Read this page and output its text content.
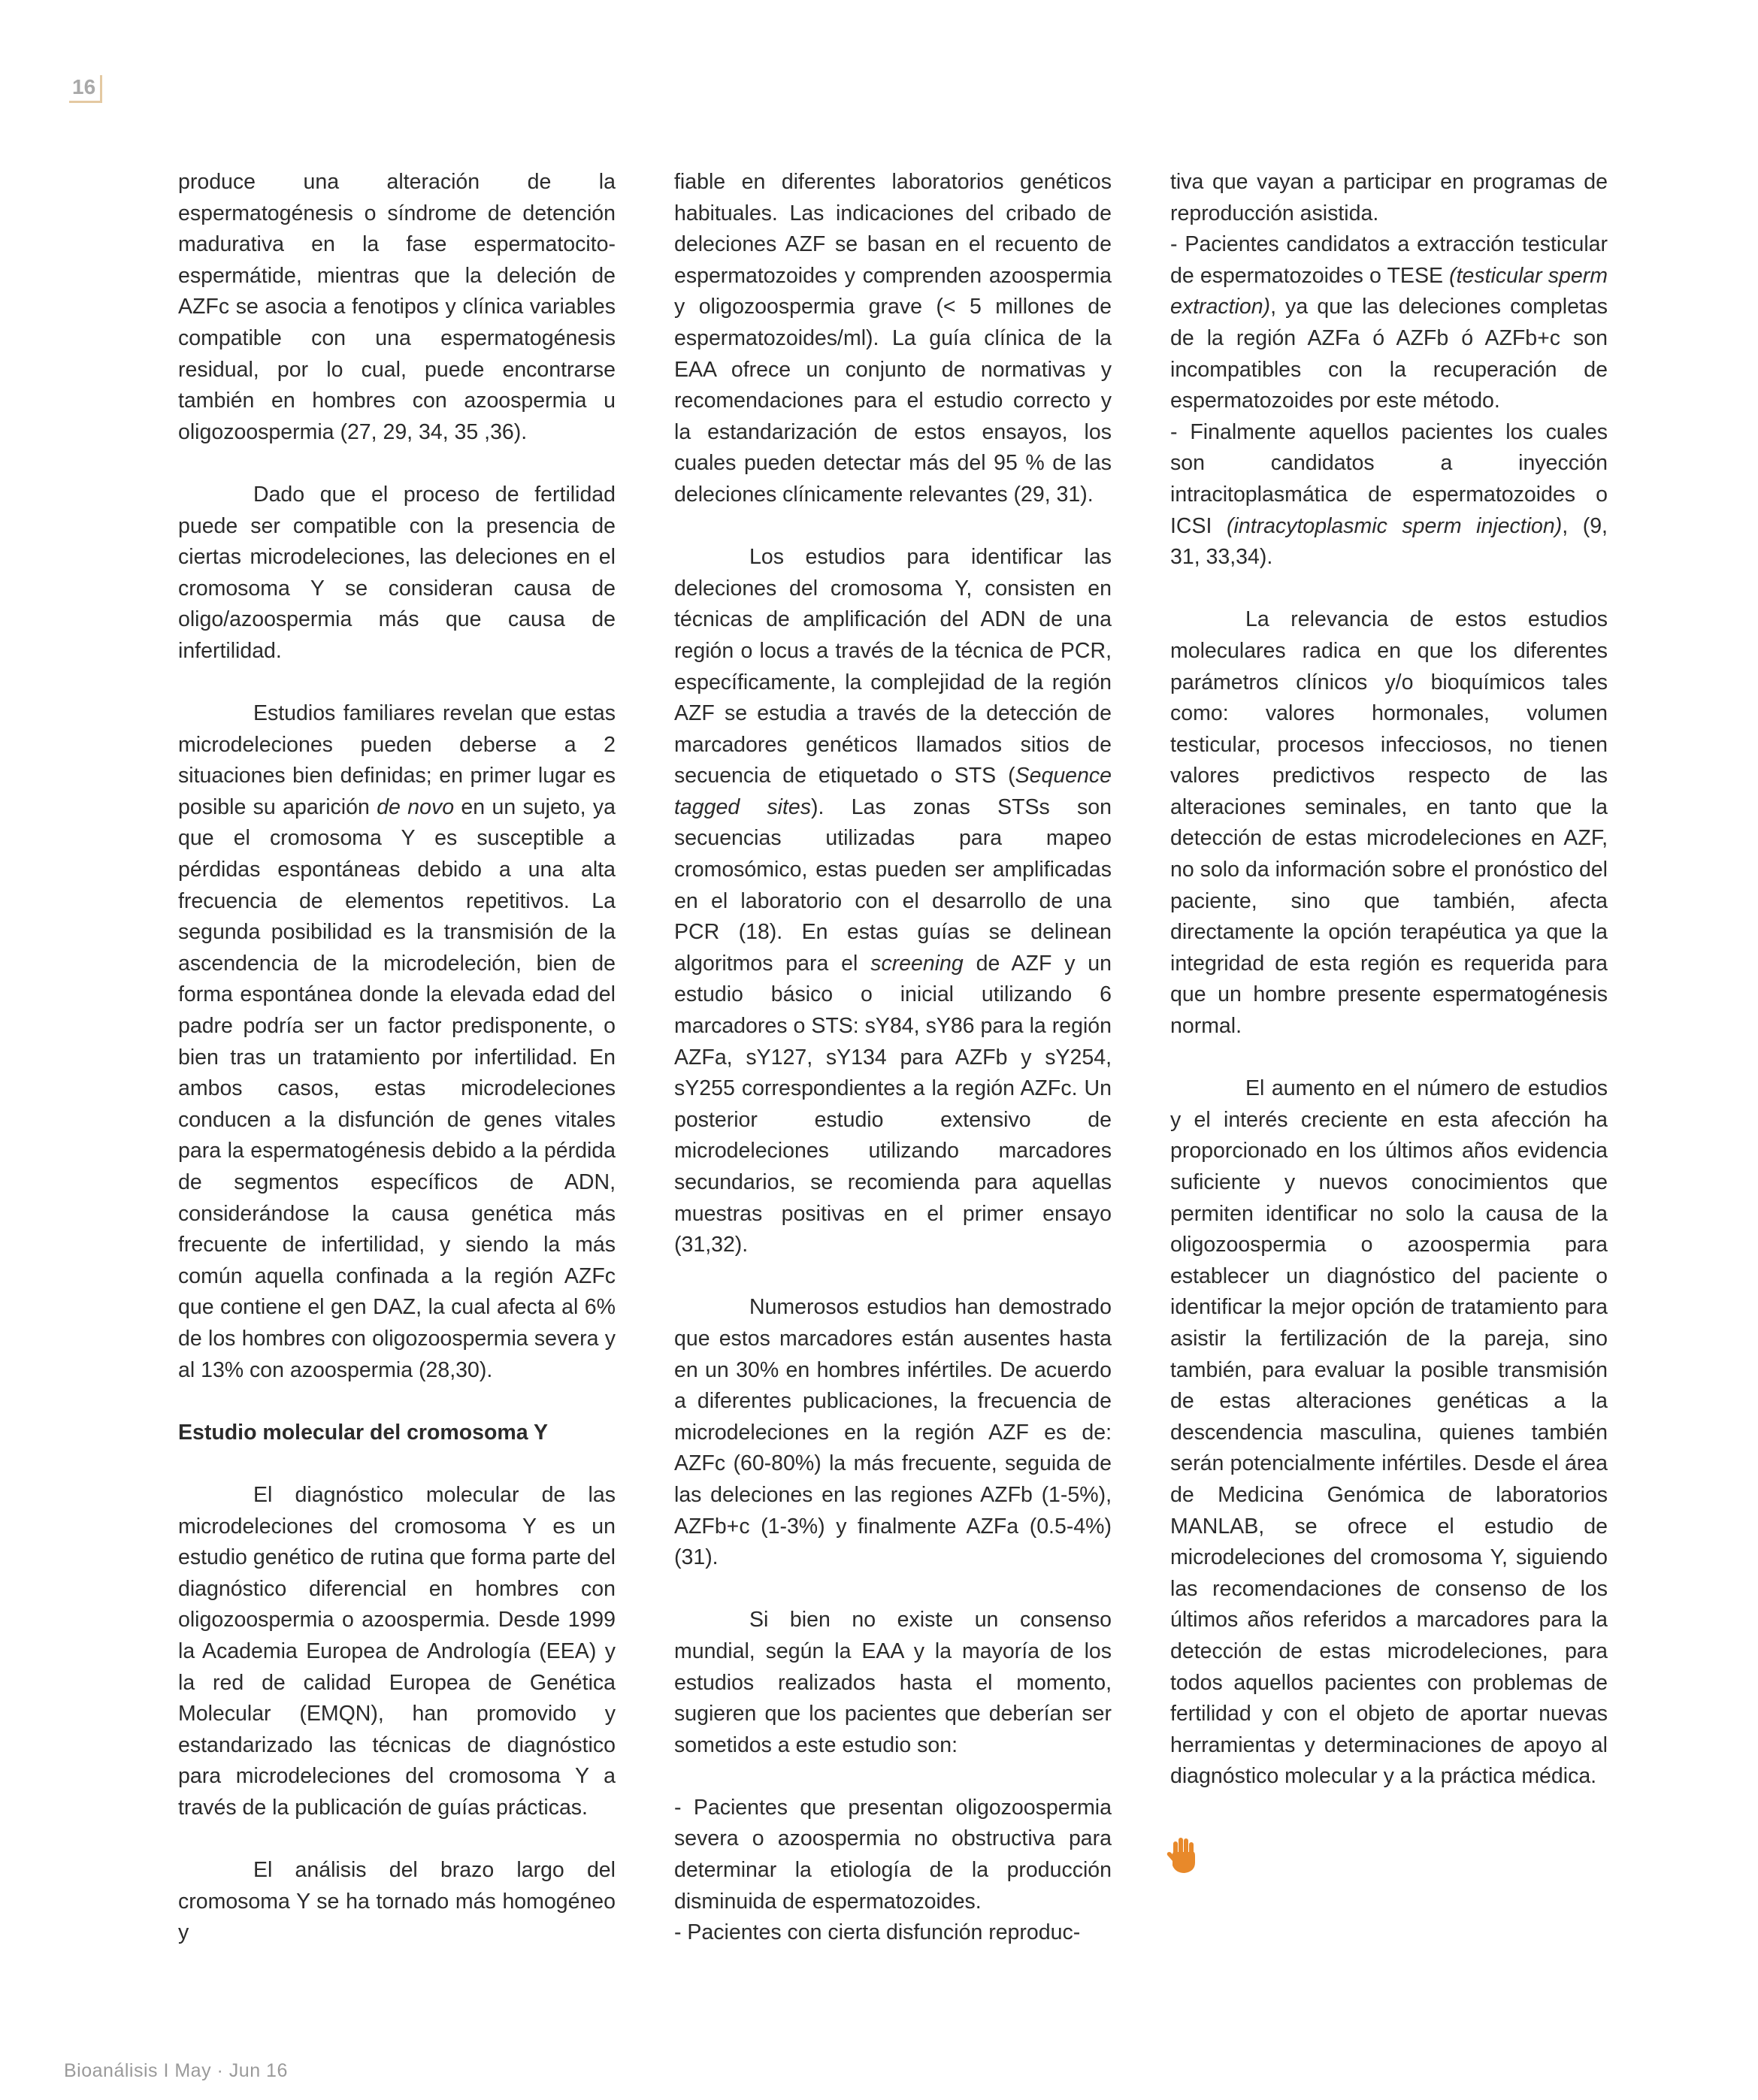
16

produce una alteración de la espermatogénesis o síndrome de detención madurativa en la fase espermatocito-espermátide, mientras que la deleción de AZFc se asocia a fenotipos y clínica variables compatible con una espermatogénesis residual, por lo cual, puede encontrarse también en hombres con azoospermia u oligozoospermia (27, 29, 34, 35 ,36).

Dado que el proceso de fertilidad puede ser compatible con la presencia de ciertas microdeleciones, las deleciones en el cromosoma Y se consideran causa de oligo/azoospermia más que causa de infertilidad.

Estudios familiares revelan que estas microdeleciones pueden deberse a 2 situaciones bien definidas; en primer lugar es posible su aparición de novo en un sujeto, ya que el cromosoma Y es susceptible a pérdidas espontáneas debido a una alta frecuencia de elementos repetitivos. La segunda posibilidad es la transmisión de la ascendencia de la microdeleción, bien de forma espontánea donde la elevada edad del padre podría ser un factor predisponente, o bien tras un tratamiento por infertilidad. En ambos casos, estas microdeleciones conducen a la disfunción de genes vitales para la espermatogénesis debido a la pérdida de segmentos específicos de ADN, considerándose la causa genética más frecuente de infertilidad, y siendo la más común aquella confinada a la región AZFc que contiene el gen DAZ, la cual afecta al 6% de los hombres con oligozoospermia severa y al 13% con azoospermia (28,30).

Estudio molecular del cromosoma Y

El diagnóstico molecular de las microdeleciones del cromosoma Y es un estudio genético de rutina que forma parte del diagnóstico diferencial en hombres con oligozoospermia o azoospermia. Desde 1999 la Academia Europea de Andrología (EEA) y la red de calidad Europea de Genética Molecular (EMQN), han promovido y estandarizado las técnicas de diagnóstico para microdeleciones del cromosoma Y a través de la publicación de guías prácticas.

El análisis del brazo largo del cromosoma Y se ha tornado más homogéneo y

fiable en diferentes laboratorios genéticos habituales. Las indicaciones del cribado de deleciones AZF se basan en el recuento de espermatozoides y comprenden azoospermia y oligozoospermia grave (< 5 millones de espermatozoides/ml). La guía clínica de la EAA ofrece un conjunto de normativas y recomendaciones para el estudio correcto y la estandarización de estos ensayos, los cuales pueden detectar más del 95 % de las deleciones clínicamente relevantes (29, 31).

Los estudios para identificar las deleciones del cromosoma Y, consisten en técnicas de amplificación del ADN de una región o locus a través de la técnica de PCR, específicamente, la complejidad de la región AZF se estudia a través de la detección de marcadores genéticos llamados sitios de secuencia de etiquetado o STS (Sequence tagged sites). Las zonas STSs son secuencias utilizadas para mapeo cromosómico, estas pueden ser amplificadas en el laboratorio con el desarrollo de una PCR (18). En estas guías se delinean algoritmos para el screening de AZF y un estudio básico o inicial utilizando 6 marcadores o STS: sY84, sY86 para la región AZFa, sY127, sY134 para AZFb y sY254, sY255 correspondientes a la región AZFc. Un posterior estudio extensivo de microdeleciones utilizando marcadores secundarios, se recomienda para aquellas muestras positivas en el primer ensayo (31,32).

Numerosos estudios han demostrado que estos marcadores están ausentes hasta en un 30% en hombres infértiles. De acuerdo a diferentes publicaciones, la frecuencia de microdeleciones en la región AZF es de: AZFc (60-80%) la más frecuente, seguida de las deleciones en las regiones AZFb (1-5%), AZFb+c (1-3%) y finalmente AZFa (0.5-4%) (31).

Si bien no existe un consenso mundial, según la EAA y la mayoría de los estudios realizados hasta el momento, sugieren que los pacientes que deberían ser sometidos a este estudio son:

- Pacientes que presentan oligozoospermia severa o azoospermia no obstructiva para determinar la etiología de la producción disminuida de espermatozoides.

- Pacientes con cierta disfunción reproduc-

tiva que vayan a participar en programas de reproducción asistida.

- Pacientes candidatos a extracción testicular de espermatozoides o TESE (testicular sperm extraction), ya que las deleciones completas de la región AZFa ó AZFb ó AZFb+c son incompatibles con la recuperación de espermatozoides por este método.

- Finalmente aquellos pacientes los cuales son candidatos a inyección intracitoplasmática de espermatozoides o ICSI (intracytoplasmic sperm injection), (9, 31, 33,34).

La relevancia de estos estudios moleculares radica en que los diferentes parámetros clínicos y/o bioquímicos tales como: valores hormonales, volumen testicular, procesos infecciosos, no tienen valores predictivos respecto de las alteraciones seminales, en tanto que la detección de estas microdeleciones en AZF, no solo da información sobre el pronóstico del paciente, sino que también, afecta directamente la opción terapéutica ya que la integridad de esta región es requerida para que un hombre presente espermatogénesis normal.

El aumento en el número de estudios y el interés creciente en esta afección ha proporcionado en los últimos años evidencia suficiente y nuevos conocimientos que permiten identificar no solo la causa de la oligozoospermia o azoospermia para establecer un diagnóstico del paciente o identificar la mejor opción de tratamiento para asistir la fertilización de la pareja, sino también, para evaluar la posible transmisión de estas alteraciones genéticas a la descendencia masculina, quienes también serán potencialmente infértiles. Desde el área de Medicina Genómica de laboratorios MANLAB, se ofrece el estudio de microdeleciones del cromosoma Y, siguiendo las recomendaciones de consenso de los últimos años referidos a marcadores para la detección de estas microdeleciones, para todos aquellos pacientes con problemas de fertilidad y con el objeto de aportar nuevas herramientas y determinaciones de apoyo al diagnóstico molecular y a la práctica médica.

Bioanálisis I May · Jun 16
